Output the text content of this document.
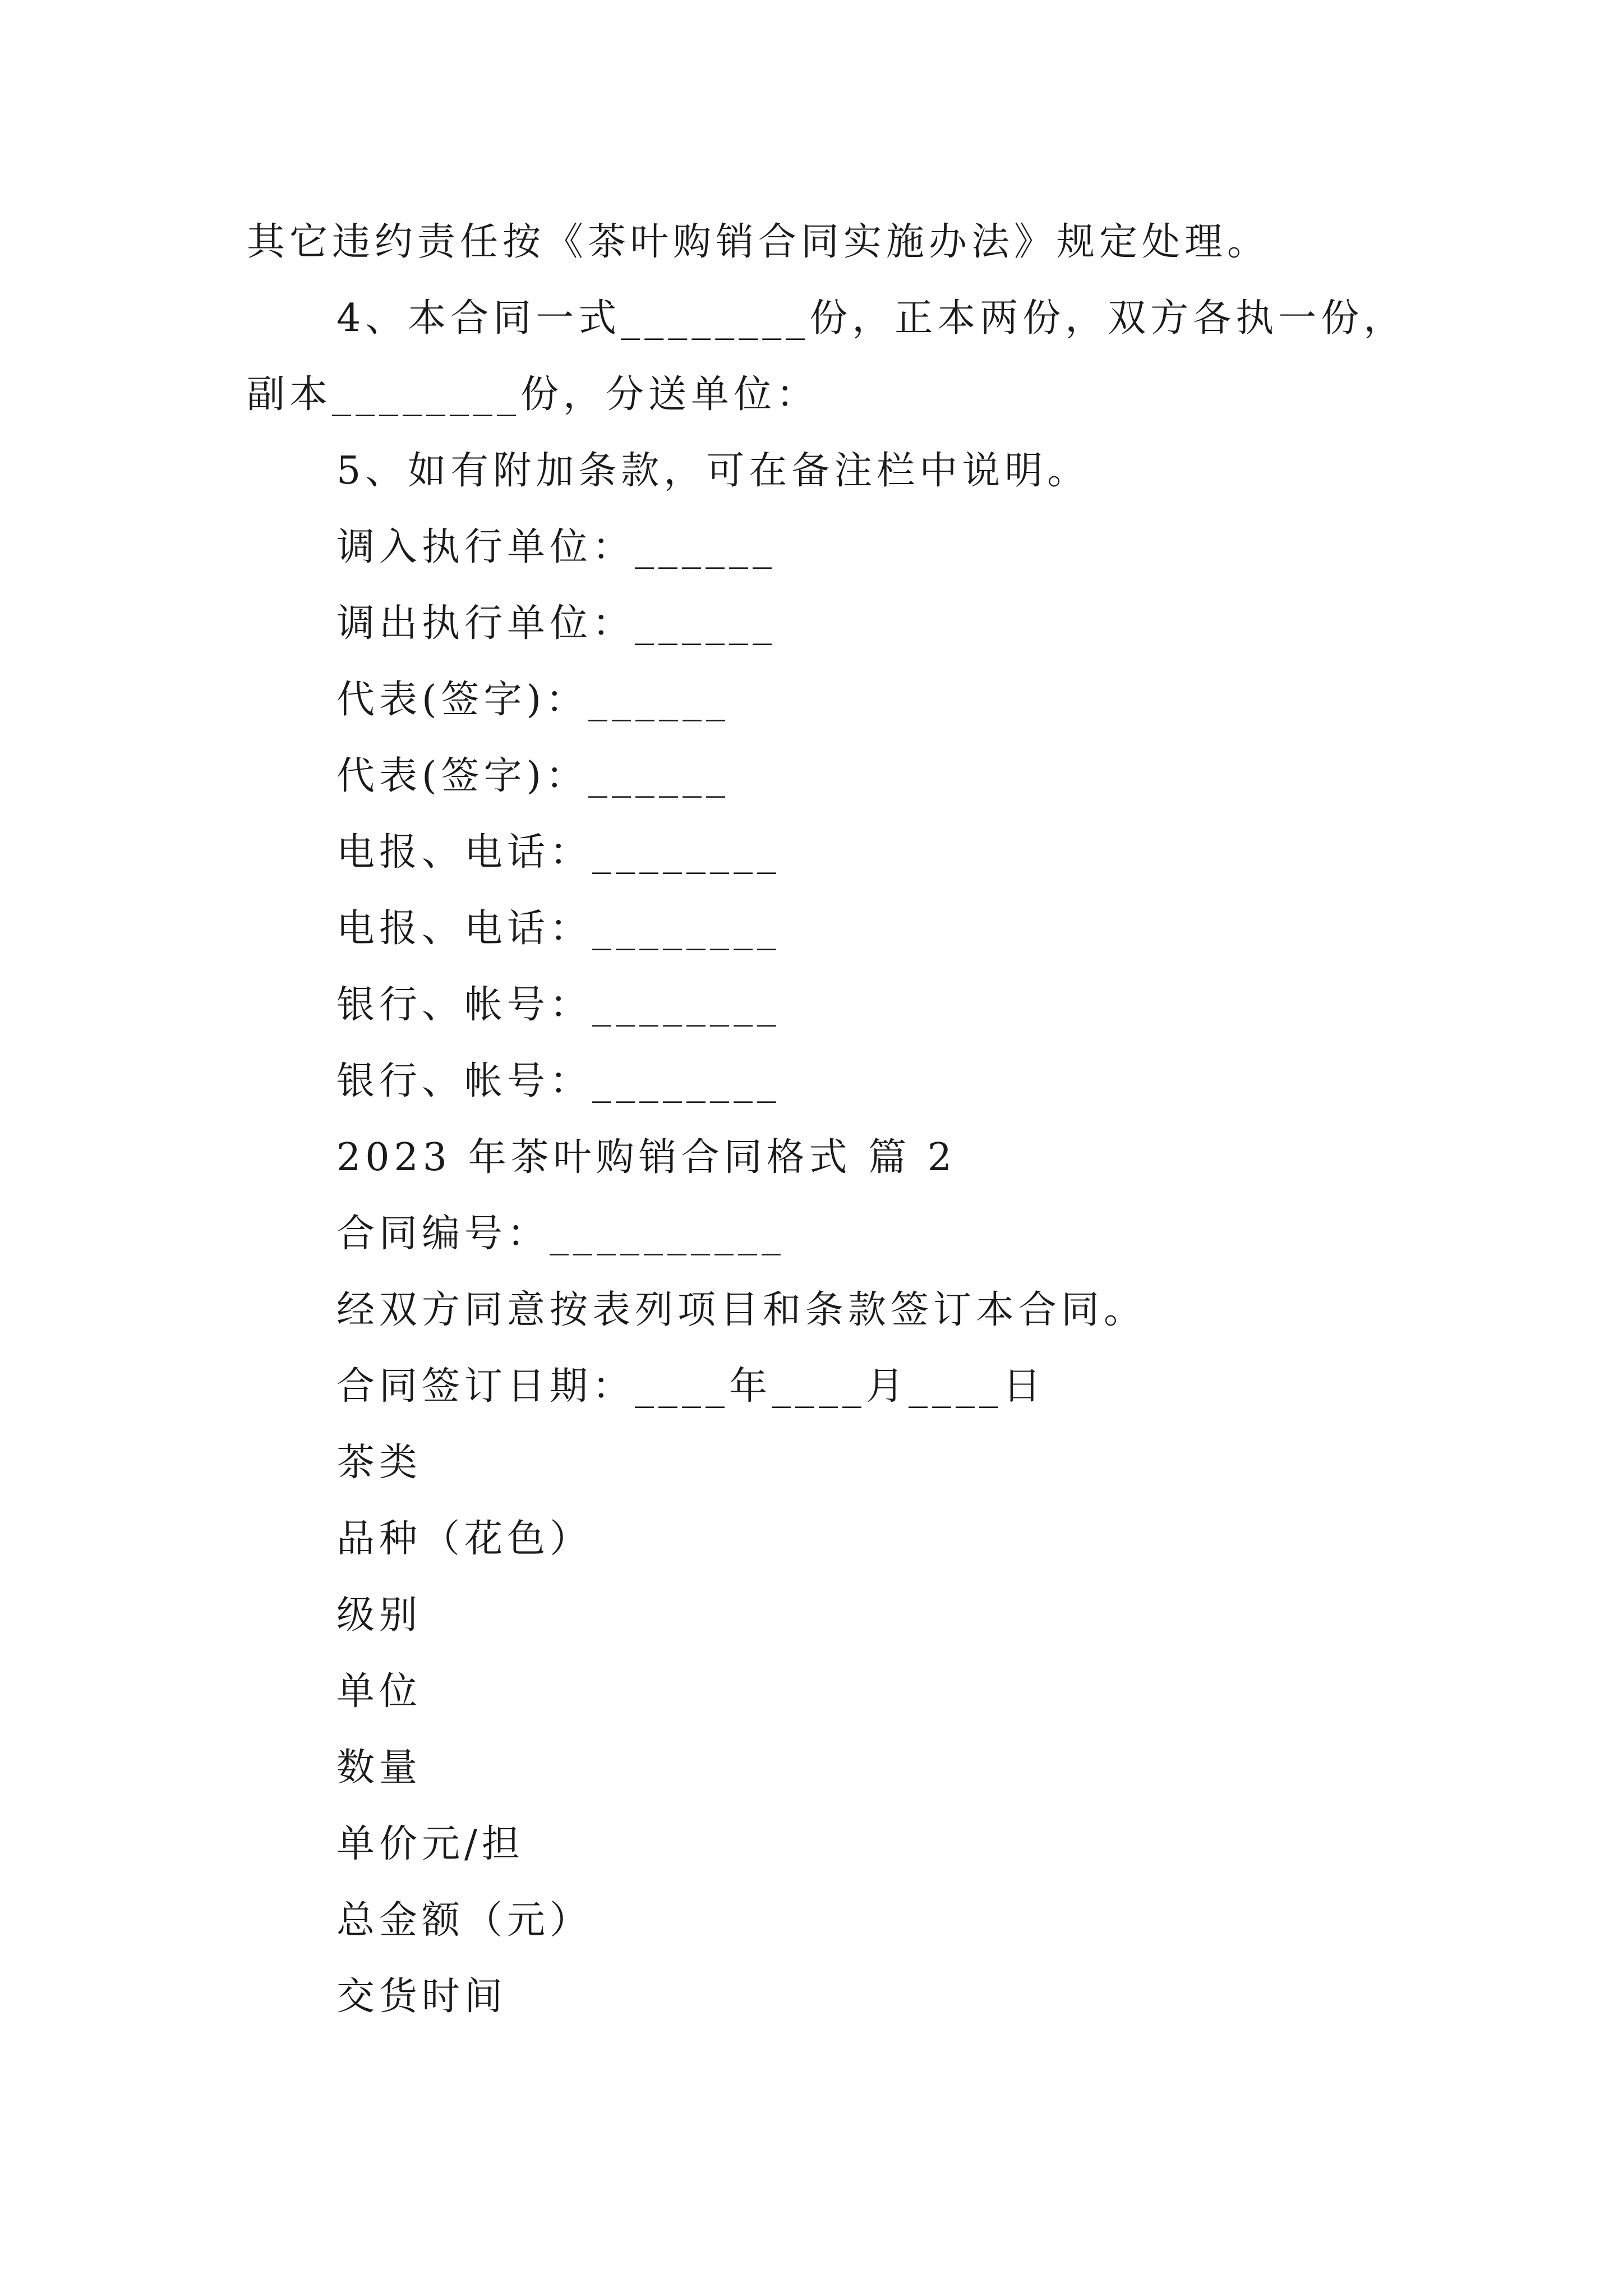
其它违约责任按《茶叶购销合同实施办法》规定处理。
4、本合同一式________份，正本两份，双方各执一份，
副本________份，分送单位：
5、如有附加条款，可在备注栏中说明。
调入执行单位：______
调出执行单位：______
代表(签字)：______
代表(签字)：______
电报、电话：________
电报、电话：________
银行、帐号：________
银行、帐号：________
2023 年茶叶购销合同格式 篇 2
合同编号：__________
经双方同意按表列项目和条款签订本合同。
合同签订日期：____年____月____日
茶类
品种（花色）
级别
单位
数量
单价元/担
总金额（元）
交货时间
